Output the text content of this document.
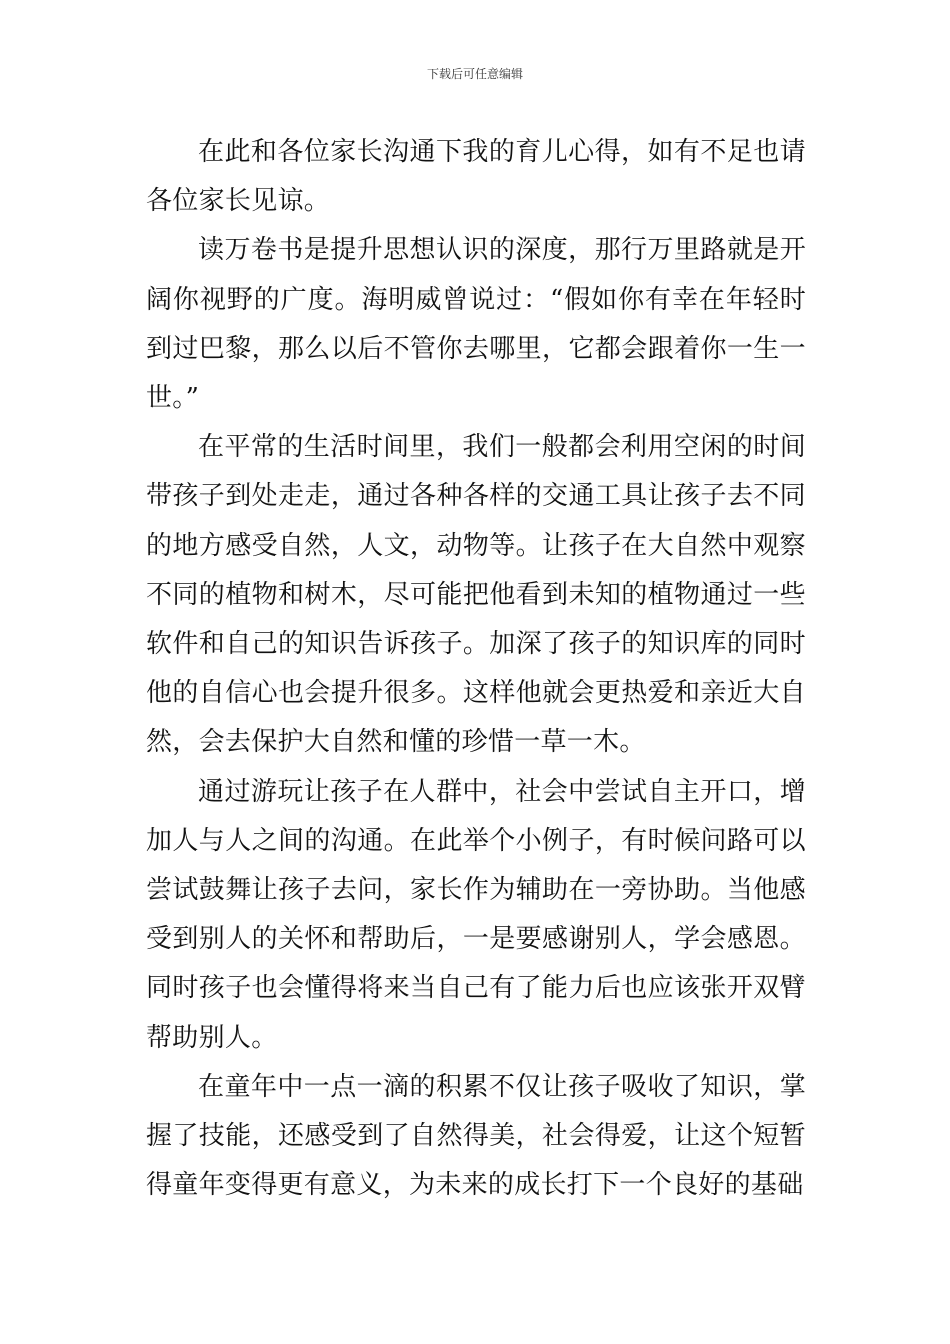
下载后可任意编辑

在此和各位家长沟通下我的育儿心得，如有不足也请各位家长见谅。

读万卷书是提升思想认识的深度，那行万里路就是开阔你视野的广度。海明威曾说过：“假如你有幸在年轻时到过巴黎，那么以后不管你去哪里，它都会跟着你一生一世。”

在平常的生活时间里，我们一般都会利用空闲的时间带孩子到处走走，通过各种各样的交通工具让孩子去不同的地方感受自然，人文，动物等。让孩子在大自然中观察不同的植物和树木，尽可能把他看到未知的植物通过一些软件和自己的知识告诉孩子。加深了孩子的知识库的同时他的自信心也会提升很多。这样他就会更热爱和亲近大自然，会去保护大自然和懂的珍惜一草一木。

通过游玩让孩子在人群中，社会中尝试自主开口，增加人与人之间的沟通。在此举个小例子，有时候问路可以尝试鼓舞让孩子去问，家长作为辅助在一旁协助。当他感受到别人的关怀和帮助后，一是要感谢别人，学会感恩。同时孩子也会懂得将来当自己有了能力后也应该张开双臂帮助别人。

在童年中一点一滴的积累不仅让孩子吸收了知识，掌握了技能，还感受到了自然得美，社会得爱，让这个短暂得童年变得更有意义，为未来的成长打下一个良好的基础
